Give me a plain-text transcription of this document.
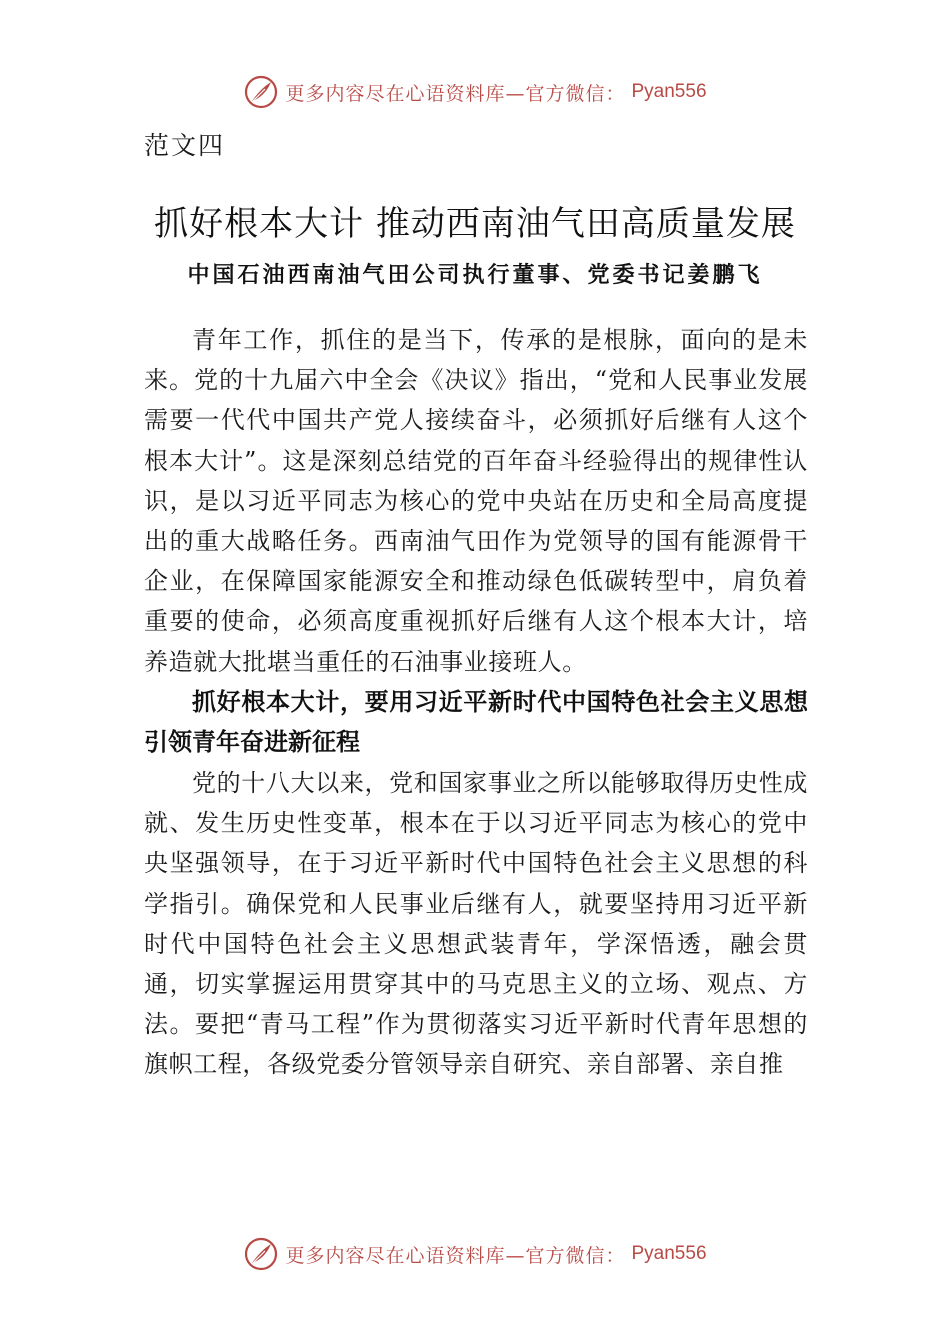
更多内容尽在心语资料库—官方微信： Pyan556
范文四
抓好根本大计 推动西南油气田高质量发展
中国石油西南油气田公司执行董事、党委书记姜鹏飞

青年工作，抓住的是当下，传承的是根脉，面向的是未来。党的十九届六中全会《决议》指出，“党和人民事业发展需要一代代中国共产党人接续奋斗，必须抓好后继有人这个根本大计”。这是深刻总结党的百年奋斗经验得出的规律性认识，是以习近平同志为核心的党中央站在历史和全局高度提出的重大战略任务。西南油气田作为党领导的国有能源骨干企业，在保障国家能源安全和推动绿色低碳转型中，肩负着重要的使命，必须高度重视抓好后继有人这个根本大计，培养造就大批堪当重任的石油事业接班人。

抓好根本大计，要用习近平新时代中国特色社会主义思想引领青年奋进新征程

党的十八大以来，党和国家事业之所以能够取得历史性成就、发生历史性变革，根本在于以习近平同志为核心的党中央坚强领导，在于习近平新时代中国特色社会主义思想的科学指引。确保党和人民事业后继有人，就要坚持用习近平新时代中国特色社会主义思想武装青年，学深悟透，融会贯通，切实掌握运用贯穿其中的马克思主义的立场、观点、方法。要把“青马工程”作为贯彻落实习近平新时代青年思想的旗帜工程，各级党委分管领导亲自研究、亲自部署、亲自推

更多内容尽在心语资料库—官方微信： Pyan556
